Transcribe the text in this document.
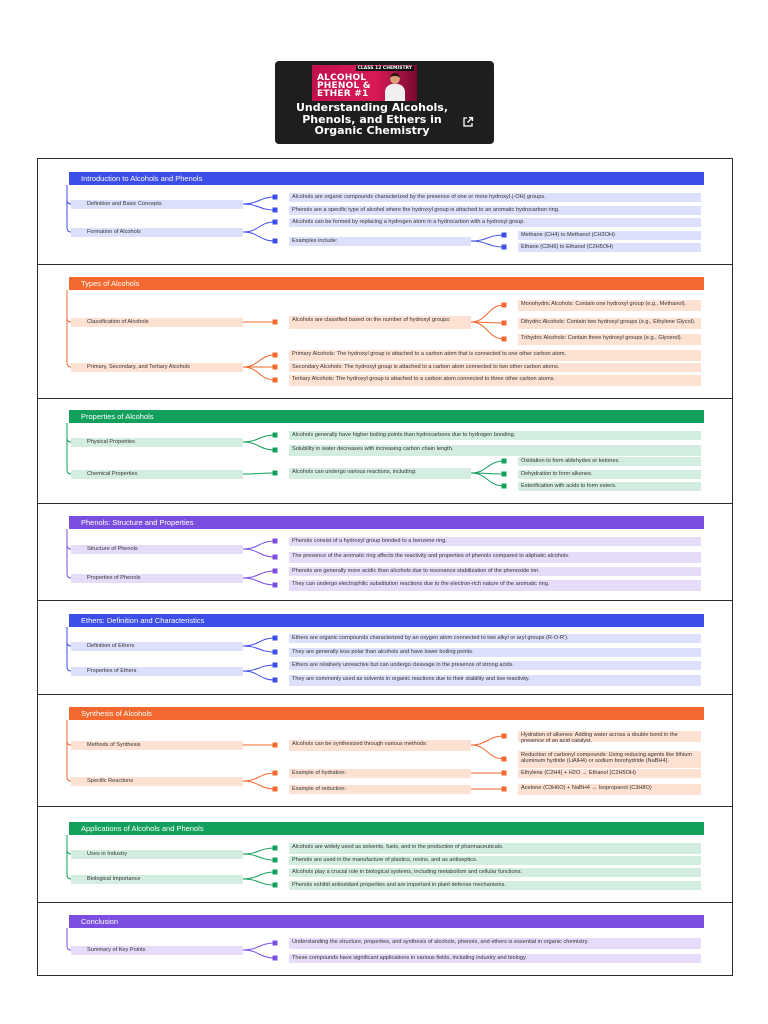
CLASS 12 CHEMISTRY
ALCOHOL
PHENOL &
ETHER #1
Understanding Alcohols, Phenols, and Ethers in Organic Chemistry
Introduction to Alcohols and Phenols
Definition and Basic Concepts
Alcohols are organic compounds characterized by the presence of one or more hydroxyl (-OH) groups.
Phenols are a specific type of alcohol where the hydroxyl group is attached to an aromatic hydrocarbon ring.
Formation of Alcohols
Alcohols can be formed by replacing a hydrogen atom in a hydrocarbon with a hydroxyl group.
Examples include:
Methane (CH4) to Methanol (CH3OH)
Ethane (C2H6) to Ethanol (C2H5OH)
Types of Alcohols
Classification of Alcohols	Alcohols are classified based on the number of hydroxyl groups:
Monohydric Alcohols: Contain one hydroxyl group (e.g., Methanol).
Dihydric Alcohols: Contain two hydroxyl groups (e.g., Ethylene Glycol).
Trihydric Alcohols: Contain three hydroxyl groups (e.g., Glycerol).
Primary, Secondary, and Tertiary Alcohols
Primary Alcohols: The hydroxyl group is attached to a carbon atom that is connected to one other carbon atom.
Secondary Alcohols: The hydroxyl group is attached to a carbon atom connected to two other carbon atoms.
Tertiary Alcohols: The hydroxyl group is attached to a carbon atom connected to three other carbon atoms.
Properties of Alcohols
Physical Properties
Alcohols generally have higher boiling points than hydrocarbons due to hydrogen bonding.
Solubility in water decreases with increasing carbon chain length.
Chemical Properties	Alcohols can undergo various reactions, including:
Oxidation to form aldehydes or ketones.
Dehydration to form alkenes.
Esterification with acids to form esters.
Phenols: Structure and Properties
Structure of Phenols
Phenols consist of a hydroxyl group bonded to a benzene ring.
The presence of the aromatic ring affects the reactivity and properties of phenols compared to aliphatic alcohols.
Properties of Phenols
Phenols are generally more acidic than alcohols due to resonance stabilization of the phenoxide ion.
They can undergo electrophilic substitution reactions due to the electron-rich nature of the aromatic ring.
Ethers: Definition and Characteristics
Definition of Ethers
Ethers are organic compounds characterized by an oxygen atom connected to two alkyl or aryl groups (R-O-R').
They are generally less polar than alcohols and have lower boiling points.
Properties of Ethers
Ethers are relatively unreactive but can undergo cleavage in the presence of strong acids.
They are commonly used as solvents in organic reactions due to their stability and low reactivity.
Synthesis of Alcohols
Methods of Synthesis	Alcohols can be synthesized through various methods:
Hydration of alkenes: Adding water across a double bond in the presence of an acid catalyst.
Reduction of carbonyl compounds: Using reducing agents like lithium aluminum hydride (LiAlH4) or sodium borohydride (NaBH4).
Specific Reactions
Example of hydration:	Ethylene (C2H4) + H2O → Ethanol (C2H5OH)
Example of reduction:	Acetone (C3H6O) + NaBH4 → Isopropanol (C3H8O)
Applications of Alcohols and Phenols
Uses in Industry
Alcohols are widely used as solvents, fuels, and in the production of pharmaceuticals.
Phenols are used in the manufacture of plastics, resins, and as antiseptics.
Biological Importance
Alcohols play a crucial role in biological systems, including metabolism and cellular functions.
Phenols exhibit antioxidant properties and are important in plant defense mechanisms.
Conclusion
Summary of Key Points
Understanding the structure, properties, and synthesis of alcohols, phenols, and ethers is essential in organic chemistry.
These compounds have significant applications in various fields, including industry and biology.
